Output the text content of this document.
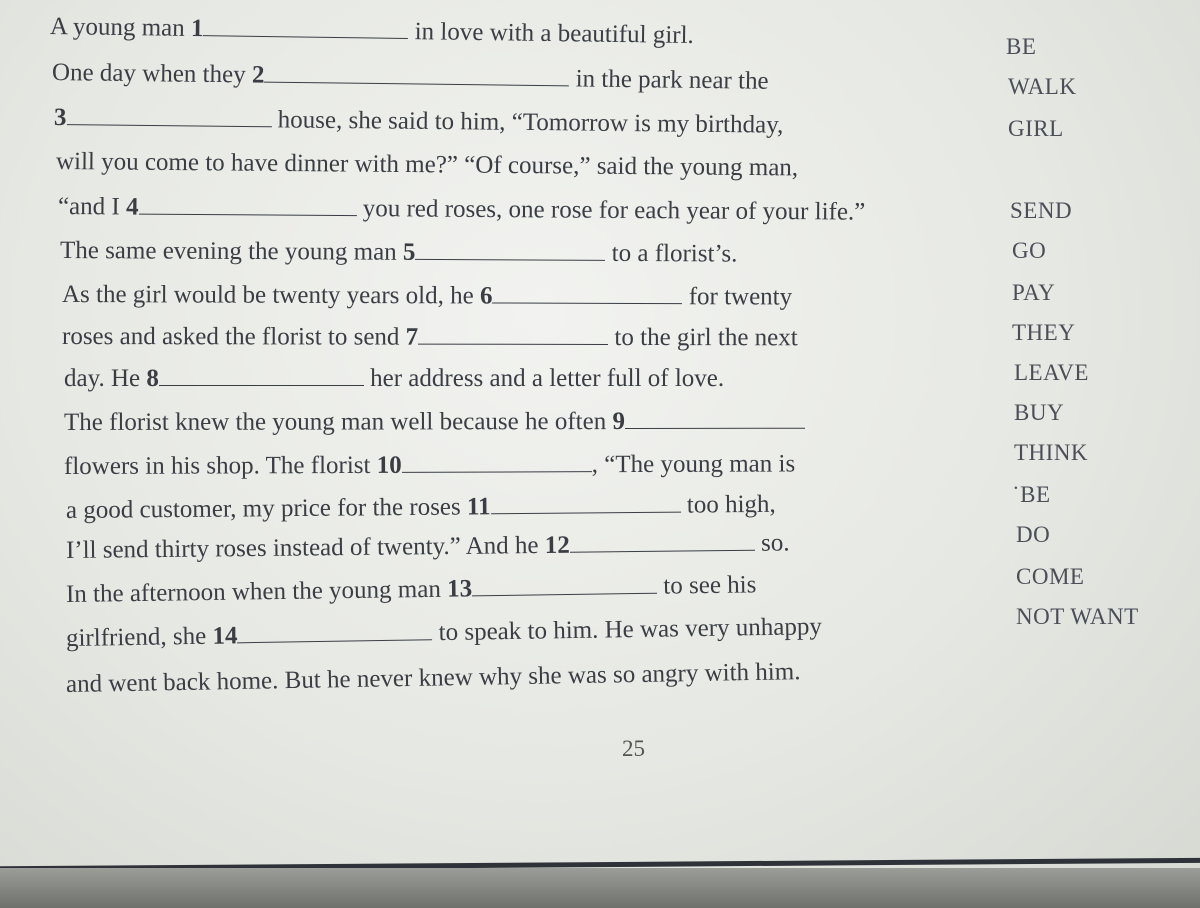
A young man 1	in love with a beautiful girl.
One day when they 2	in the park near the
3	house, she said to him, “Tomorrow is my birthday,
will you come to have dinner with me?” “Of course,” said the young man,
“and I 4	you red roses, one rose for each year of your life.”
The same evening the young man 5	to a florist’s.
As the girl would be twenty years old, he 6	for twenty
roses and asked the florist to send 7	to the girl the next
day. He 8	her address and a letter full of love.
The florist knew the young man well because he often 9
flowers in his shop. The florist 10	, “The young man is
a good customer, my price for the roses 11	too high,
I’ll send thirty roses instead of twenty.” And he 12	so.
In the afternoon when the young man 13	to see his
girlfriend, she 14	to speak to him. He was very unhappy
and went back home. But he never knew why she was so angry with him.
BE
WALK
GIRL
SEND
GO
PAY
THEY
LEAVE
BUY
THINK
˙BE
DO
COME
NOT WANT
25
